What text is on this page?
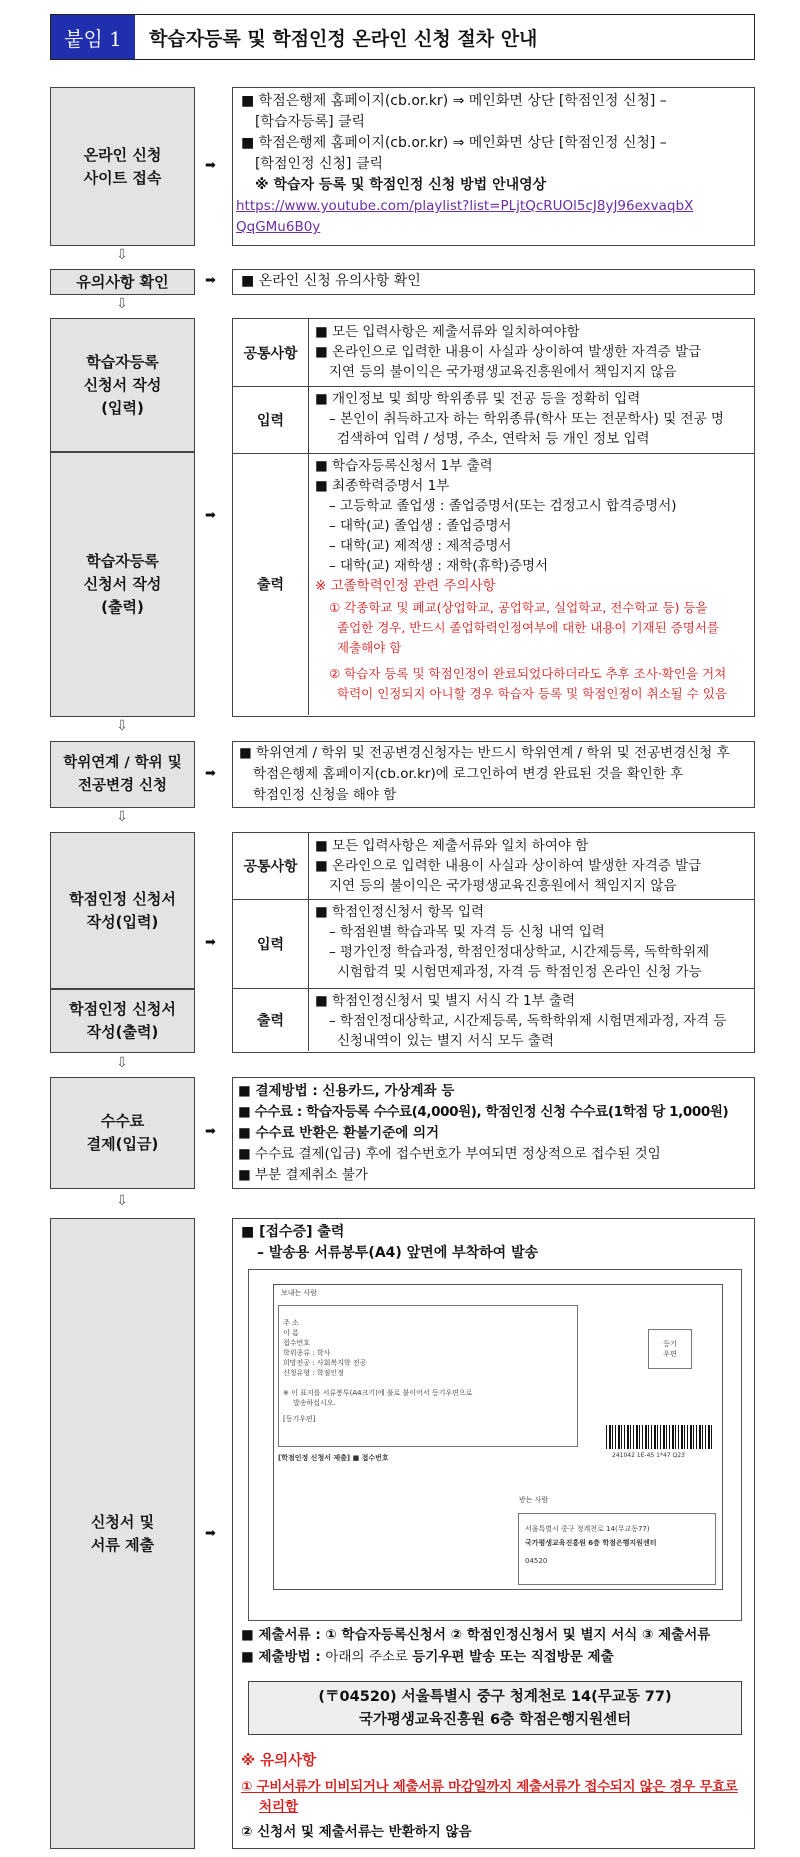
붙임 1	학습자등록 및 학점인정 온라인 신청 절차 안내
온라인 신청
사이트 접속
➡
■ 학점은행제 홈페이지(cb.or.kr) ⇒ 메인화면 상단 [학점인정 신청] –
[학습자등록] 클릭
■ 학점은행제 홈페이지(cb.or.kr) ⇒ 메인화면 상단 [학점인정 신청] –
[학점인정 신청] 클릭
※ 학습자 등록 및 학점인정 신청 방법 안내영상
https://www.youtube.com/playlist?list=PLjtQcRUOl5cJ8yJ96exvaqbX
QqGMu6B0y
⇩
유의사항 확인	➡ ■ 온라인 신청 유의사항 확인
⇩
학습자등록
신청서 작성
(입력)
학습자등록
신청서 작성
(출력)
➡
공통사항
■ 모든 입력사항은 제출서류와 일치하여야함
■ 온라인으로 입력한 내용이 사실과 상이하여 발생한 자격증 발급
지연 등의 불이익은 국가평생교육진흥원에서 책임지지 않음
입력
■ 개인정보 및 희망 학위종류 및 전공 등을 정확히 입력
– 본인이 취득하고자 하는 학위종류(학사 또는 전문학사) 및 전공 명
검색하여 입력 / 성명, 주소, 연락처 등 개인 정보 입력
출력
■ 학습자등록신청서 1부 출력
■ 최종학력증명서 1부
– 고등학교 졸업생 : 졸업증명서(또는 검정고시 합격증명서)
– 대학(교) 졸업생 : 졸업증명서
– 대학(교) 제적생 : 제적증명서
– 대학(교) 재학생 : 재학(휴학)증명서
※ 고졸학력인정 관련 주의사항
① 각종학교 및 폐교(상업학교, 공업학교, 실업학교, 전수학교 등) 등을
졸업한 경우, 반드시 졸업학력인정여부에 대한 내용이 기재된 증명서를
제출해야 함
② 학습자 등록 및 학점인정이 완료되었다하더라도 추후 조사·확인을 거쳐
학력이 인정되지 아니할 경우 학습자 등록 및 학점인정이 취소될 수 있음
⇩
학위연계 / 학위 및
전공변경 신청
➡
■ 학위연계 / 학위 및 전공변경신청자는 반드시 학위연계 / 학위 및 전공변경신청 후
학점은행제 홈페이지(cb.or.kr)에 로그인하여 변경 완료된 것을 확인한 후
학점인정 신청을 해야 함
⇩
학점인정 신청서
작성(입력)
학점인정 신청서
작성(출력)
➡
공통사항
■ 모든 입력사항은 제출서류와 일치 하여야 함
■ 온라인으로 입력한 내용이 사실과 상이하여 발생한 자격증 발급
지연 등의 불이익은 국가평생교육진흥원에서 책임지지 않음
입력
■ 학점인정신청서 항목 입력
– 학점원별 학습과목 및 자격 등 신청 내역 입력
– 평가인정 학습과정, 학점인정대상학교, 시간제등록, 독학학위제
시험합격 및 시험면제과정, 자격 등 학점인정 온라인 신청 가능
출력
■ 학점인정신청서 및 별지 서식 각 1부 출력
– 학점인정대상학교, 시간제등록, 독학학위제 시험면제과정, 자격 등
신청내역이 있는 별지 서식 모두 출력
⇩
수수료
결제(입금)
➡
■ 결제방법 : 신용카드, 가상계좌 등
■ 수수료 : 학습자등록 수수료(4,000원), 학점인정 신청 수수료(1학점 당 1,000원)
■ 수수료 반환은 환불기준에 의거
■ 수수료 결제(입금) 후에 접수번호가 부여되면 정상적으로 접수된 것임
■ 부분 결제취소 불가
⇩
신청서 및
서류 제출
➡
■ [접수증] 출력
– 발송용 서류봉투(A4) 앞면에 부착하여 발송
보내는 사람
주 소
이 름
접수번호
학위종류 : 학사
희망전공 : 사회복지학 전공
신청유형 : 학점인정
※ 이 표지를 서류봉투(A4크기)에 풀로 붙이어서 등기우편으로
발송하십시오.
[등기우편]
[학점인정 신청서 제출] ■ 접수번호
등기
우편
241042 1E-45 1*47 Q23
받는 사람
서울특별시 중구 청계천로 14(무교동77)
국가평생교육진흥원 6층 학점은행지원센터
04520
■ 제출서류 : ① 학습자등록신청서 ② 학점인정신청서 및 별지 서식 ③ 제출서류
■ 제출방법 : 아래의 주소로 등기우편 발송 또는 직접방문 제출
(〒04520) 서울특별시 중구 청계천로 14(무교동 77)
국가평생교육진흥원 6층 학점은행지원센터
※ 유의사항
① 구비서류가 미비되거나 제출서류 마감일까지 제출서류가 접수되지 않은 경우 무효로
처리함
② 신청서 및 제출서류는 반환하지 않음
